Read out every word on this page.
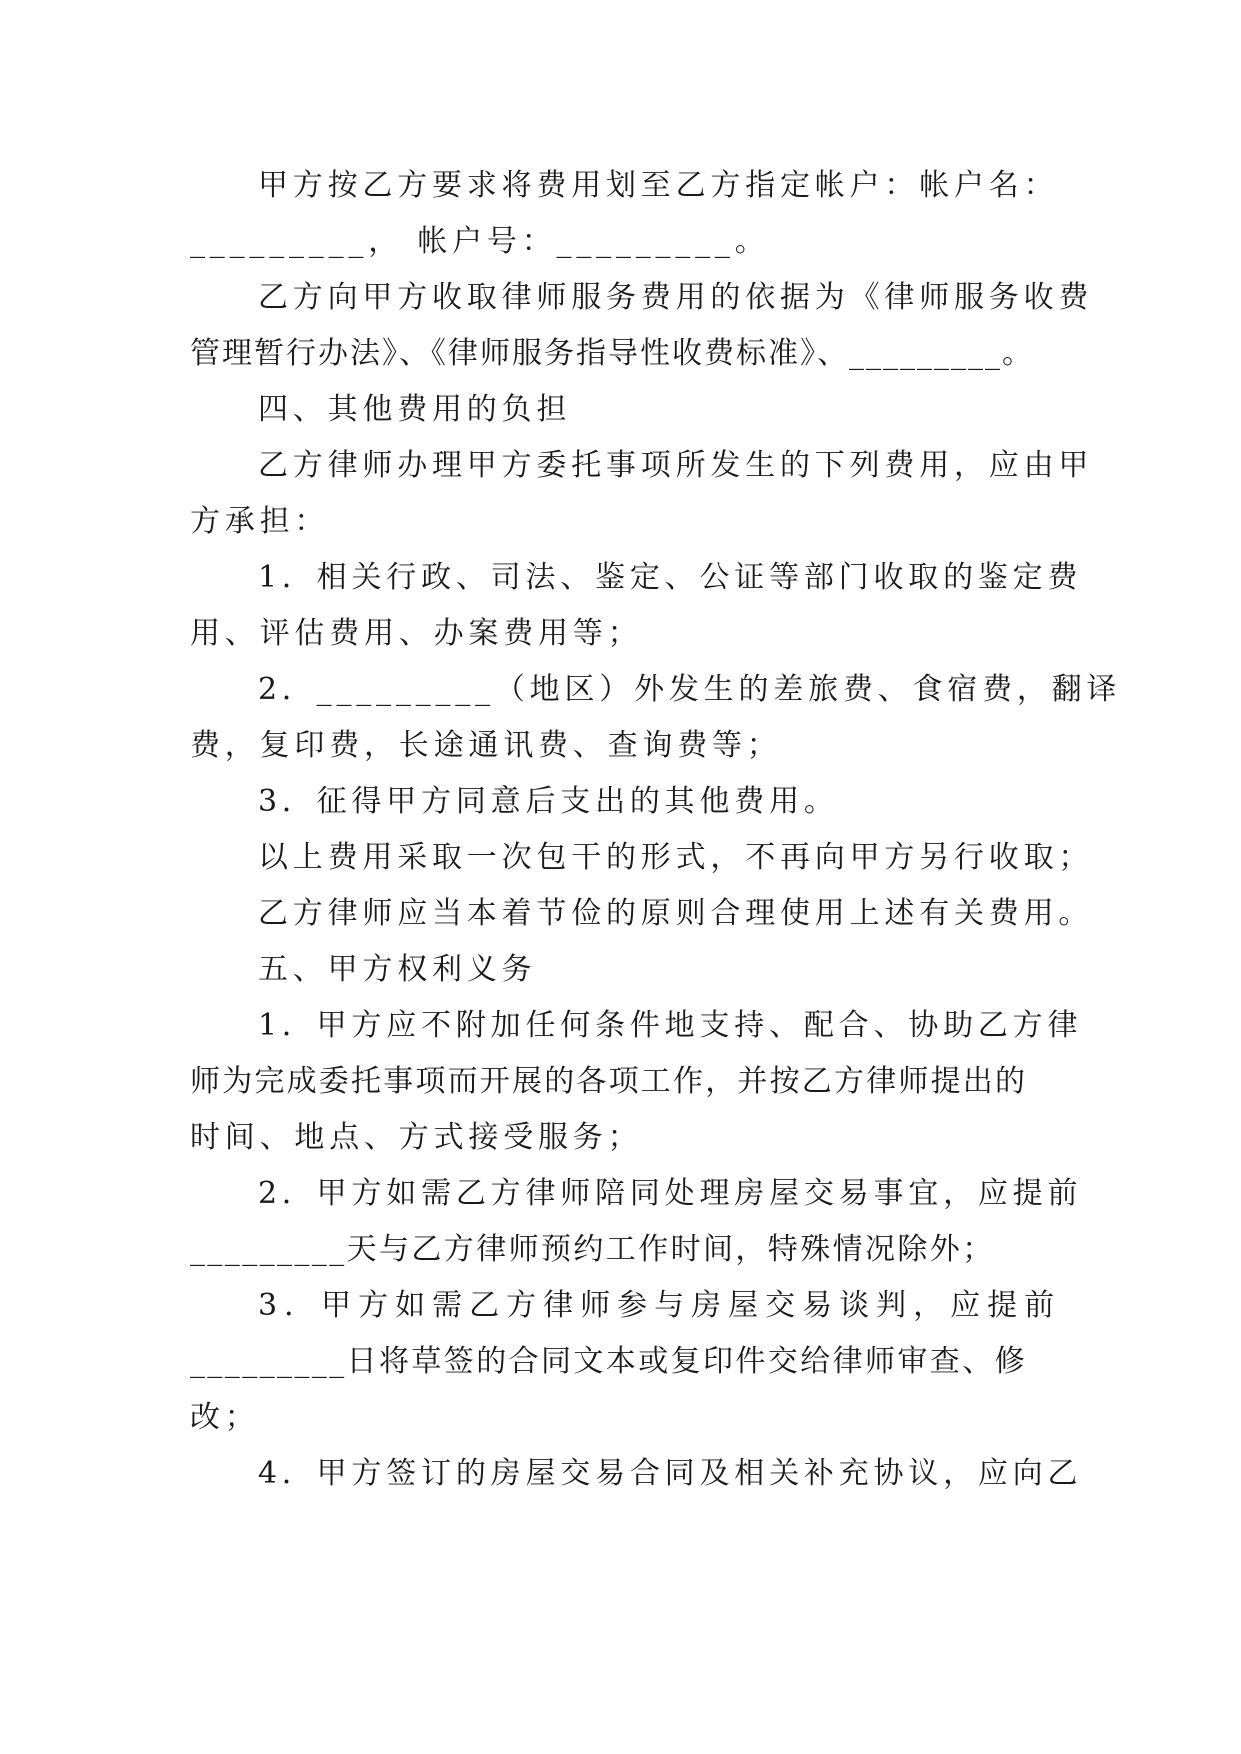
甲方按乙方要求将费用划至乙方指定帐户：帐户名：
_________， 帐户号：_________。
乙方向甲方收取律师服务费用的依据为《律师服务收费
管理暂行办法》、《律师服务指导性收费标准》、_________。
四、其他费用的负担
乙方律师办理甲方委托事项所发生的下列费用，应由甲
方承担：
1．相关行政、司法、鉴定、公证等部门收取的鉴定费
用、评估费用、办案费用等；
2．_________（地区）外发生的差旅费、食宿费，翻译
费，复印费，长途通讯费、查询费等；
3．征得甲方同意后支出的其他费用。
以上费用采取一次包干的形式，不再向甲方另行收取；
乙方律师应当本着节俭的原则合理使用上述有关费用。
五、甲方权利义务
1．甲方应不附加任何条件地支持、配合、协助乙方律
师为完成委托事项而开展的各项工作，并按乙方律师提出的
时间、地点、方式接受服务；
2．甲方如需乙方律师陪同处理房屋交易事宜，应提前
_________天与乙方律师预约工作时间，特殊情况除外；
3．甲方如需乙方律师参与房屋交易谈判，应提前
_________日将草签的合同文本或复印件交给律师审查、修
改；
4．甲方签订的房屋交易合同及相关补充协议，应向乙
